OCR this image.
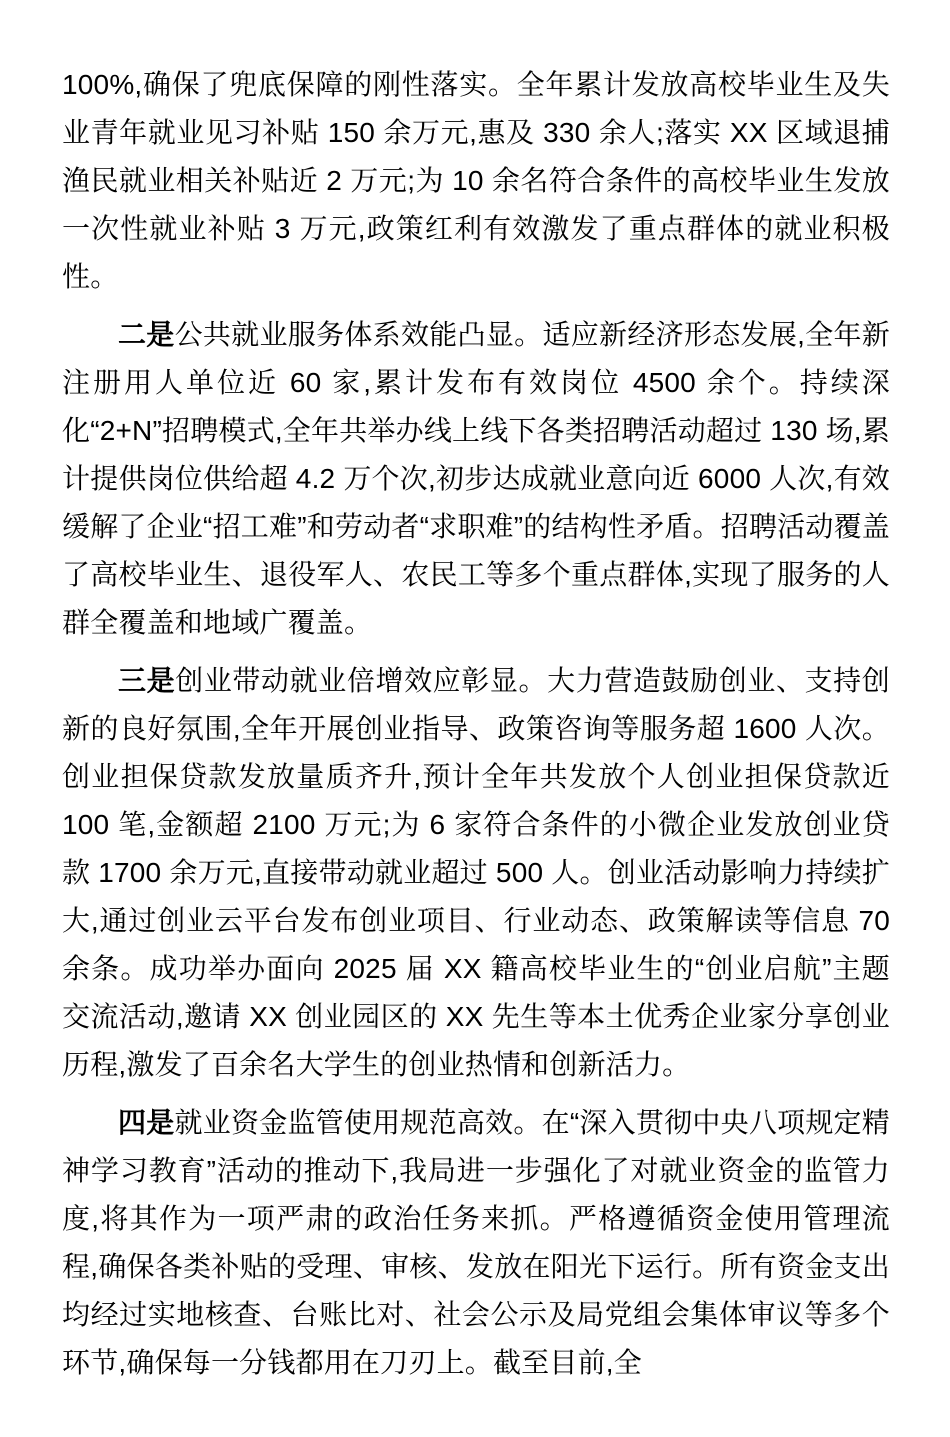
100%,确保了兜底保障的刚性落实。全年累计发放高校毕业生及失业青年就业见习补贴 150 余万元,惠及 330 余人;落实 XX 区域退捕渔民就业相关补贴近 2 万元;为 10 余名符合条件的高校毕业生发放一次性就业补贴 3 万元,政策红利有效激发了重点群体的就业积极性。

二是公共就业服务体系效能凸显。适应新经济形态发展,全年新注册用人单位近 60 家,累计发布有效岗位 4500 余个。持续深化“2+N”招聘模式,全年共举办线上线下各类招聘活动超过 130 场,累计提供岗位供给超 4.2 万个次,初步达成就业意向近 6000 人次,有效缓解了企业“招工难”和劳动者“求职难”的结构性矛盾。招聘活动覆盖了高校毕业生、退役军人、农民工等多个重点群体,实现了服务的人群全覆盖和地域广覆盖。

三是创业带动就业倍增效应彰显。大力营造鼓励创业、支持创新的良好氛围,全年开展创业指导、政策咨询等服务超 1600 人次。创业担保贷款发放量质齐升,预计全年共发放个人创业担保贷款近 100 笔,金额超 2100 万元;为 6 家符合条件的小微企业发放创业贷款 1700 余万元,直接带动就业超过 500 人。创业活动影响力持续扩大,通过创业云平台发布创业项目、行业动态、政策解读等信息 70 余条。成功举办面向 2025 届 XX 籍高校毕业生的“创业启航”主题交流活动,邀请 XX 创业园区的 XX 先生等本土优秀企业家分享创业历程,激发了百余名大学生的创业热情和创新活力。

四是就业资金监管使用规范高效。在“深入贯彻中央八项规定精神学习教育”活动的推动下,我局进一步强化了对就业资金的监管力度,将其作为一项严肃的政治任务来抓。严格遵循资金使用管理流程,确保各类补贴的受理、审核、发放在阳光下运行。所有资金支出均经过实地核查、台账比对、社会公示及局党组会集体审议等多个环节,确保每一分钱都用在刀刃上。截至目前,全
